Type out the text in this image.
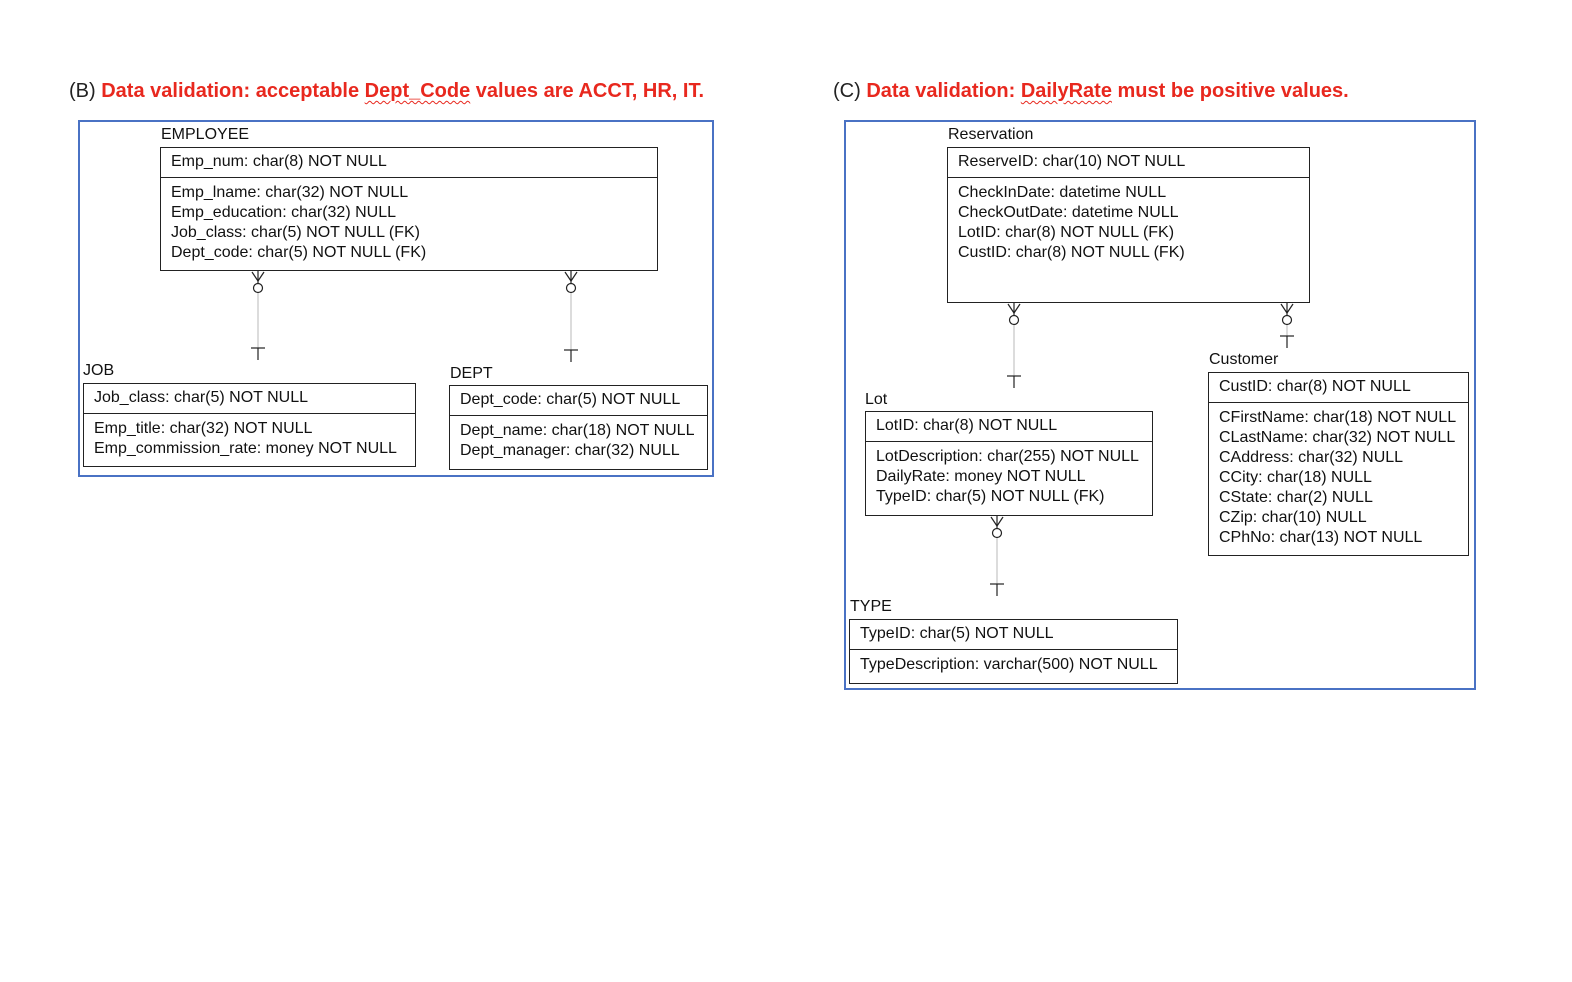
(B) Data validation: acceptable Dept_Code values are ACCT, HR, IT.	(C) Data validation: DailyRate must be positive values.
EMPLOYEE
Emp_num: char(8) NOT NULL
Emp_lname: char(32) NOT NULL
Emp_education: char(32) NULL
Job_class: char(5) NOT NULL (FK)
Dept_code: char(5) NOT NULL (FK)
JOB
Job_class: char(5) NOT NULL
Emp_title: char(32) NOT NULL
Emp_commission_rate: money NOT NULL
DEPT
Dept_code: char(5) NOT NULL
Dept_name: char(18) NOT NULL
Dept_manager: char(32) NULL
Reservation
ReserveID: char(10) NOT NULL
CheckInDate: datetime NULL
CheckOutDate: datetime NULL
LotID: char(8) NOT NULL (FK)
CustID: char(8) NOT NULL (FK)
Lot
LotID: char(8) NOT NULL
LotDescription: char(255) NOT NULL
DailyRate: money NOT NULL
TypeID: char(5) NOT NULL (FK)
Customer
CustID: char(8) NOT NULL
CFirstName: char(18) NOT NULL
CLastName: char(32) NOT NULL
CAddress: char(32) NULL
CCity: char(18) NULL
CState: char(2) NULL
CZip: char(10) NULL
CPhNo: char(13) NOT NULL
TYPE
TypeID: char(5) NOT NULL
TypeDescription: varchar(500) NOT NULL
